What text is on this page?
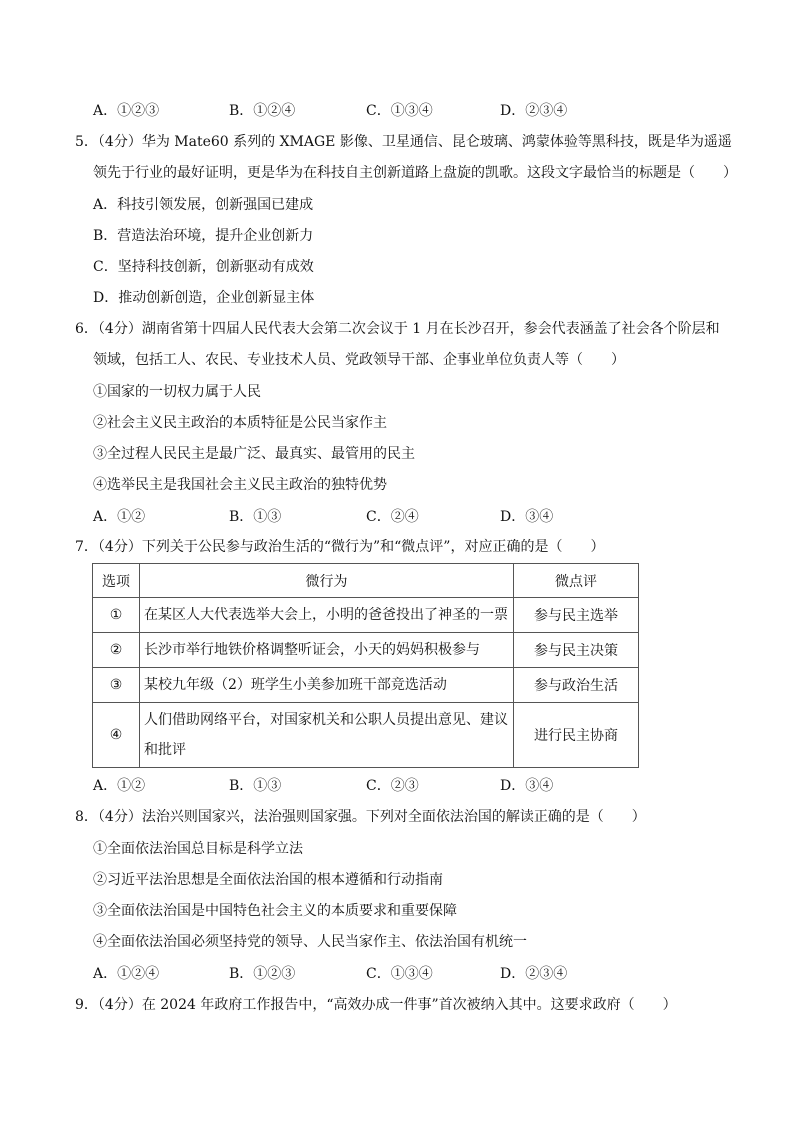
A．①②③	B．①②④	C．①③④	D．②③④
5．（4分）华为 Mate60 系列的 XMAGE 影像、卫星通信、昆仑玻璃、鸿蒙体验等黑科技，既是华为遥遥
领先于行业的最好证明，更是华为在科技自主创新道路上盘旋的凯歌。这段文字最恰当的标题是（　　）
A．科技引领发展，创新强国已建成
B．营造法治环境，提升企业创新力
C．坚持科技创新，创新驱动有成效
D．推动创新创造，企业创新显主体
6．（4分）湖南省第十四届人民代表大会第二次会议于 1 月在长沙召开，参会代表涵盖了社会各个阶层和
领域，包括工人、农民、专业技术人员、党政领导干部、企事业单位负责人等（　　）
①国家的一切权力属于人民
②社会主义民主政治的本质特征是公民当家作主
③全过程人民民主是最广泛、最真实、最管用的民主
④选举民主是我国社会主义民主政治的独特优势
A．①②	B．①③	C．②④	D．③④
7．（4分）下列关于公民参与政治生活的“微行为”和“微点评”，对应正确的是（　　）
选项	微行为	微点评
①	在某区人大代表选举大会上，小明的爸爸投出了神圣的一票	参与民主选举
②	长沙市举行地铁价格调整听证会，小天的妈妈积极参与	参与民主决策
③	某校九年级（2）班学生小美参加班干部竞选活动	参与政治生活
④	人们借助网络平台，对国家机关和公职人员提出意见、建议
和批评	进行民主协商
A．①②	B．①③	C．②③	D．③④
8．（4分）法治兴则国家兴，法治强则国家强。下列对全面依法治国的解读正确的是（　　）
①全面依法治国总目标是科学立法
②习近平法治思想是全面依法治国的根本遵循和行动指南
③全面依法治国是中国特色社会主义的本质要求和重要保障
④全面依法治国必须坚持党的领导、人民当家作主、依法治国有机统一
A．①②④	B．①②③	C．①③④	D．②③④
9．（4分）在 2024 年政府工作报告中，“高效办成一件事”首次被纳入其中。这要求政府（　　）
